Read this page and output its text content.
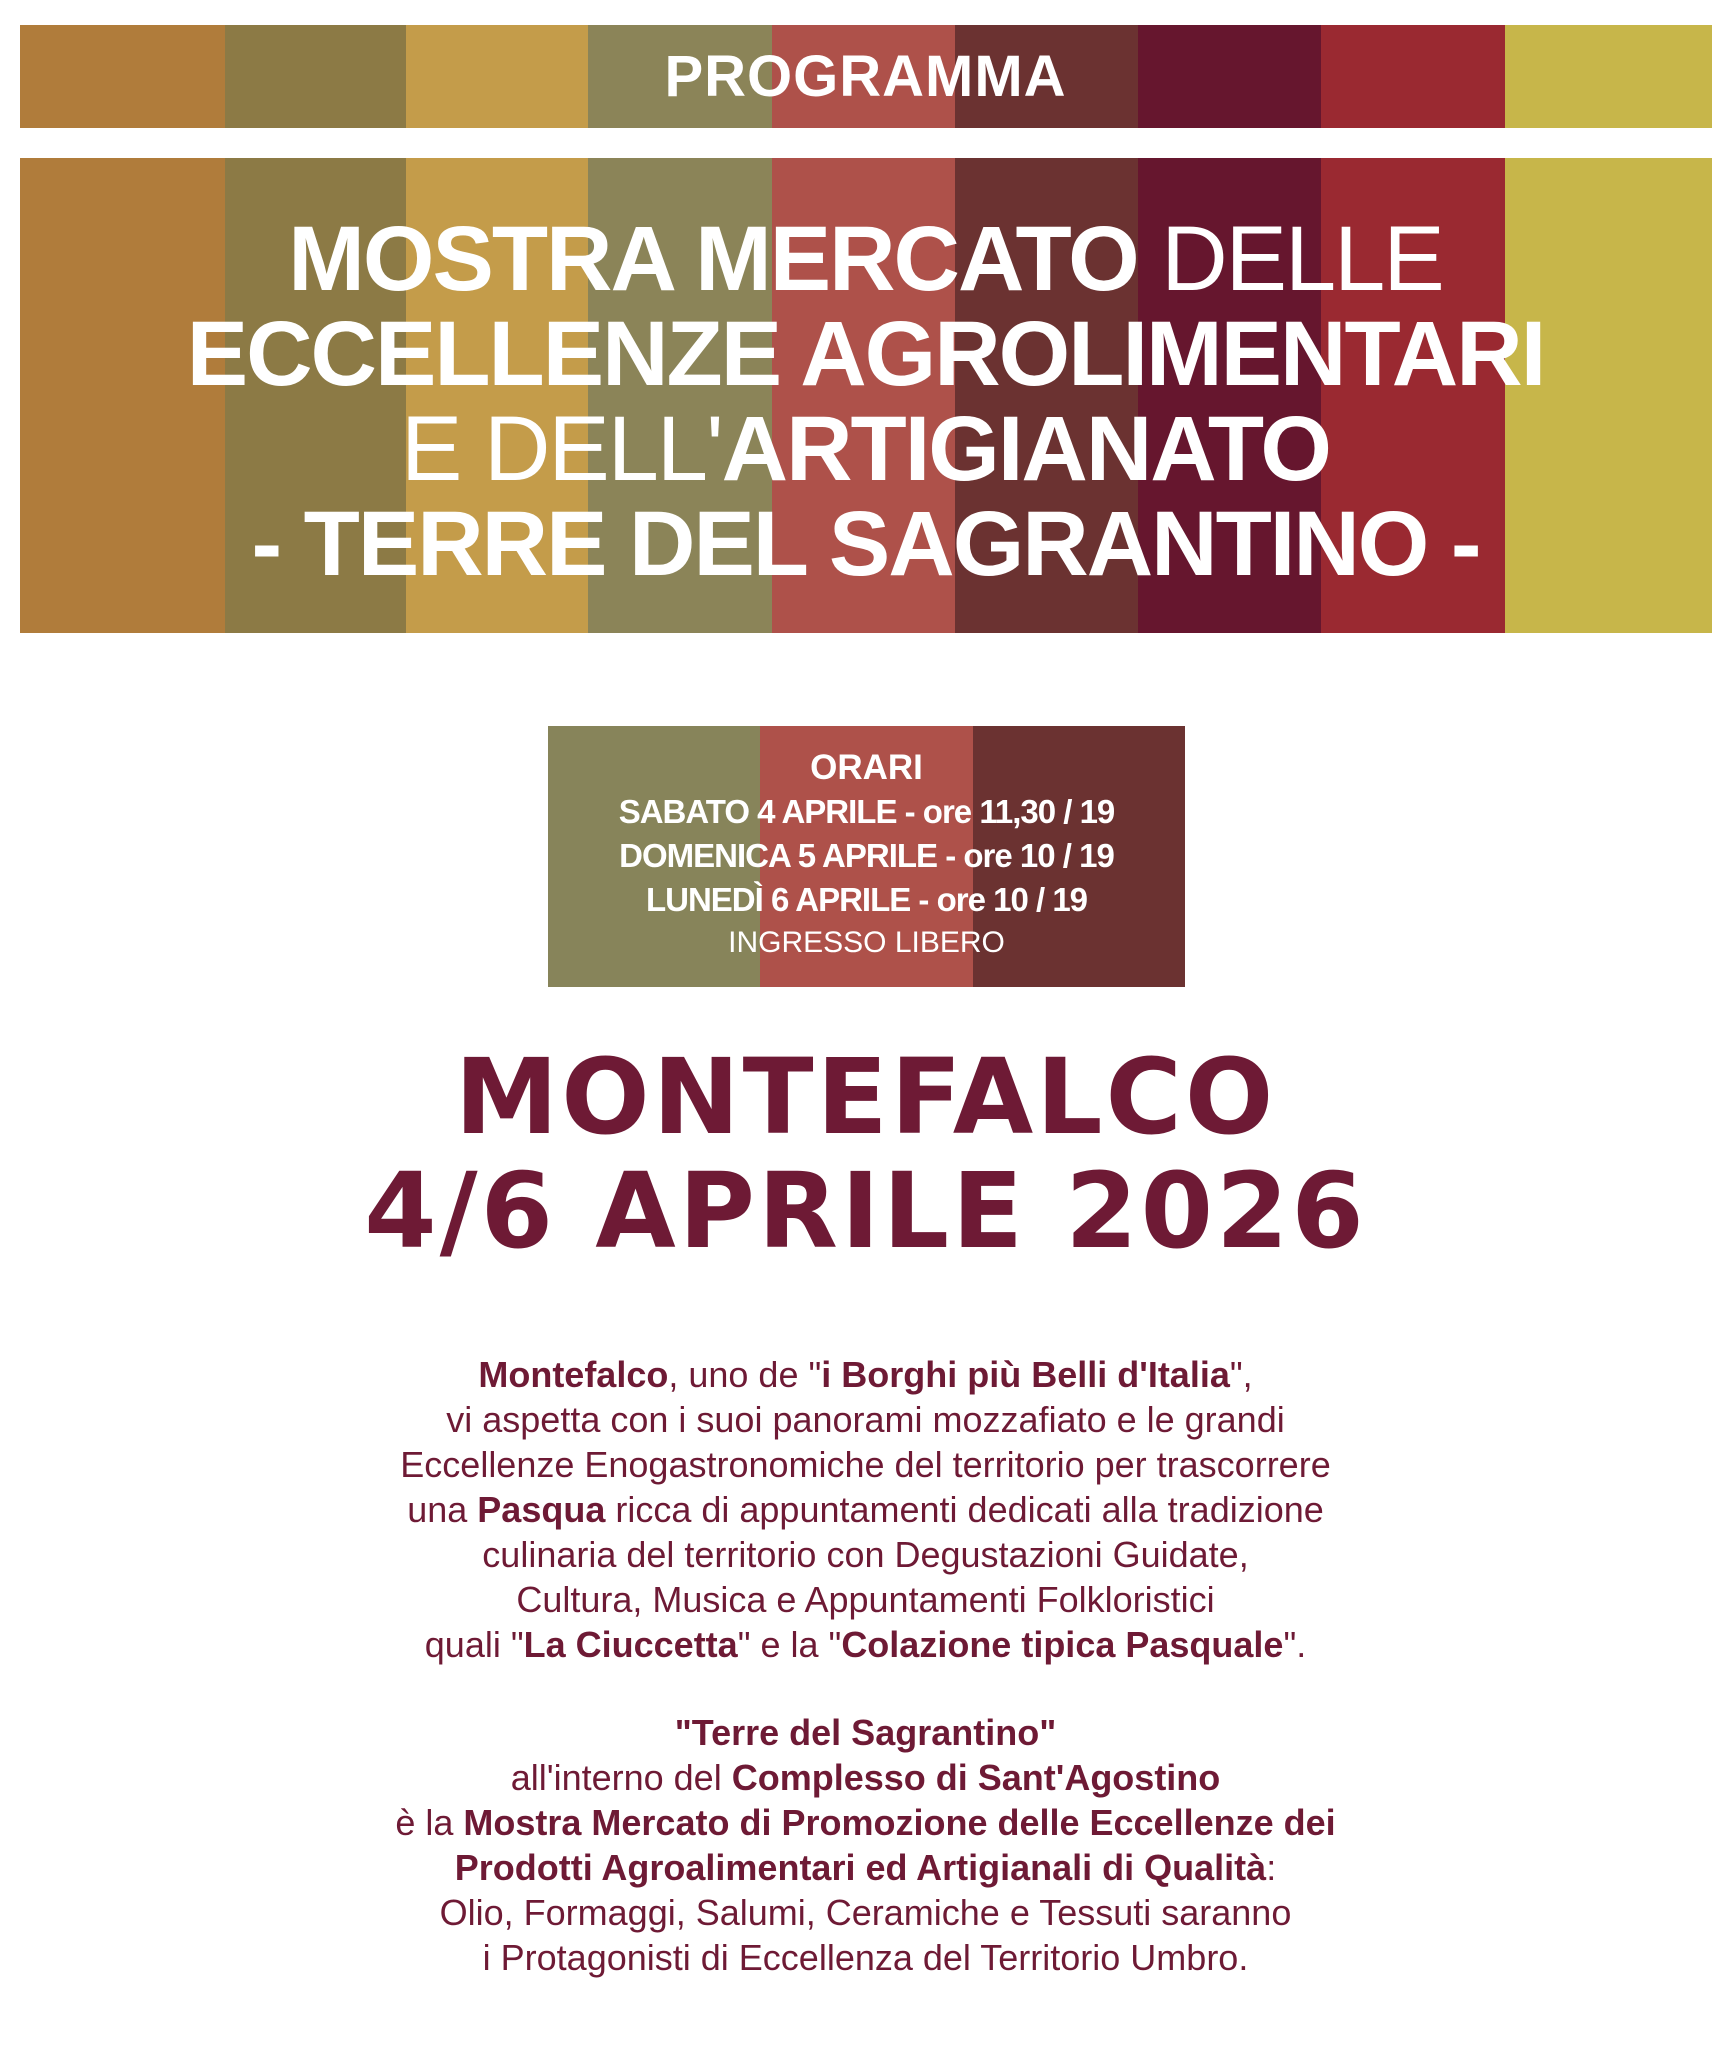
PROGRAMMA
MOSTRA MERCATO DELLE
ECCELLENZE AGROLIMENTARI
E DELL'ARTIGIANATO
- TERRE DEL SAGRANTINO -
ORARI
SABATO 4 APRILE - ore 11,30 / 19
DOMENICA 5 APRILE - ore 10 / 19
LUNEDÌ 6 APRILE - ore 10 / 19
INGRESSO LIBERO
MONTEFALCO
4/6 APRILE 2026
Montefalco, uno de "i Borghi più Belli d'Italia",
vi aspetta con i suoi panorami mozzafiato e le grandi
Eccellenze Enogastronomiche del territorio per trascorrere
una Pasqua ricca di appuntamenti dedicati alla tradizione
culinaria del territorio con Degustazioni Guidate,
Cultura, Musica e Appuntamenti Folkloristici
quali "La Ciuccetta" e la "Colazione tipica Pasquale".
"Terre del Sagrantino"
all'interno del Complesso di Sant'Agostino
è la Mostra Mercato di Promozione delle Eccellenze dei
Prodotti Agroalimentari ed Artigianali di Qualità:
Olio, Formaggi, Salumi, Ceramiche e Tessuti saranno
i Protagonisti di Eccellenza del Territorio Umbro.
